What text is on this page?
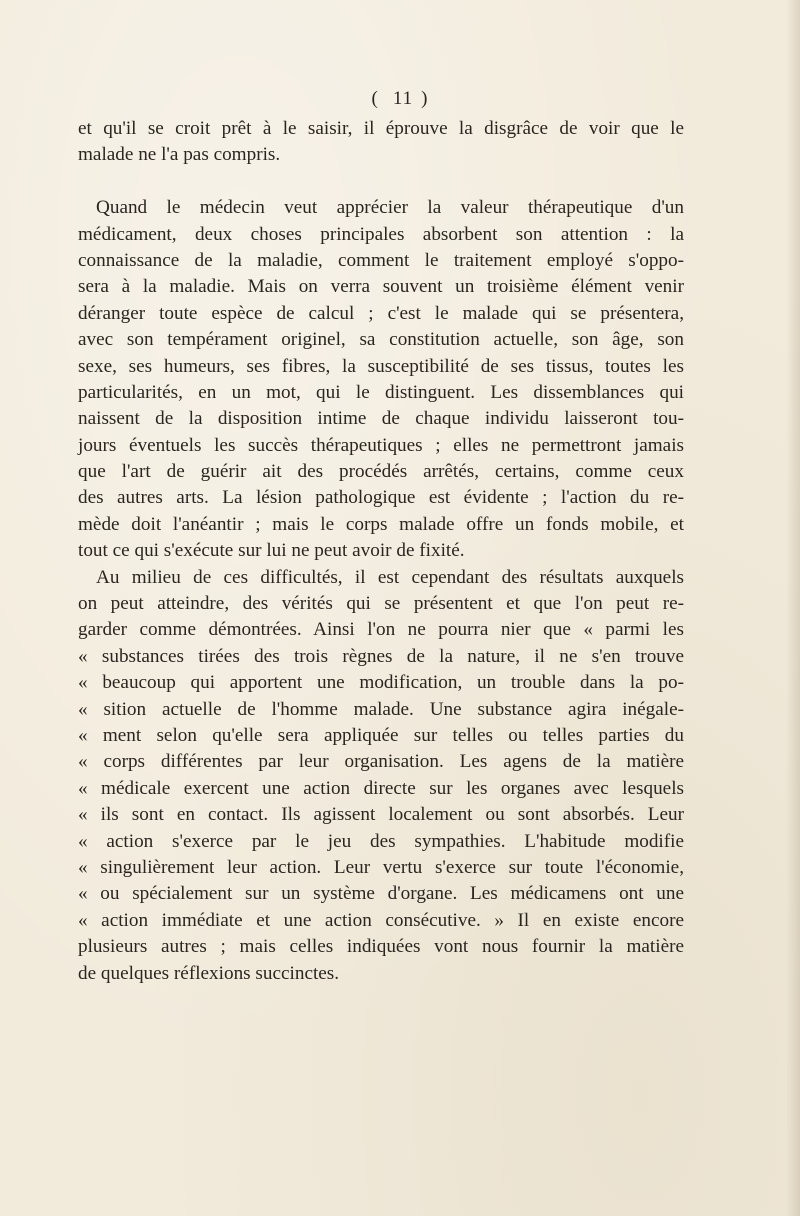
( 11 )
et qu'il se croit prêt à le saisir, il éprouve la disgrâce de voir que le
malade ne l'a pas compris.
Quand le médecin veut apprécier la valeur thérapeutique d'un
médicament, deux choses principales absorbent son attention : la
connaissance de la maladie, comment le traitement employé s'oppo-
sera à la maladie. Mais on verra souvent un troisième élément venir
déranger toute espèce de calcul ; c'est le malade qui se présentera,
avec son tempérament originel, sa constitution actuelle, son âge, son
sexe, ses humeurs, ses fibres, la susceptibilité de ses tissus, toutes les
particularités, en un mot, qui le distinguent. Les dissemblances qui
naissent de la disposition intime de chaque individu laisseront tou-
jours éventuels les succès thérapeutiques ; elles ne permettront jamais
que l'art de guérir ait des procédés arrêtés, certains, comme ceux
des autres arts. La lésion pathologique est évidente ; l'action du re-
mède doit l'anéantir ; mais le corps malade offre un fonds mobile, et
tout ce qui s'exécute sur lui ne peut avoir de fixité.
Au milieu de ces difficultés, il est cependant des résultats auxquels
on peut atteindre, des vérités qui se présentent et que l'on peut re-
garder comme démontrées. Ainsi l'on ne pourra nier que « parmi les
« substances tirées des trois règnes de la nature, il ne s'en trouve
« beaucoup qui apportent une modification, un trouble dans la po-
« sition actuelle de l'homme malade. Une substance agira inégale-
« ment selon qu'elle sera appliquée sur telles ou telles parties du
« corps différentes par leur organisation. Les agens de la matière
« médicale exercent une action directe sur les organes avec lesquels
« ils sont en contact. Ils agissent localement ou sont absorbés. Leur
« action s'exerce par le jeu des sympathies. L'habitude modifie
« singulièrement leur action. Leur vertu s'exerce sur toute l'économie,
« ou spécialement sur un système d'organe. Les médicamens ont une
« action immédiate et une action consécutive. » Il en existe encore
plusieurs autres ; mais celles indiquées vont nous fournir la matière
de quelques réflexions succinctes.
